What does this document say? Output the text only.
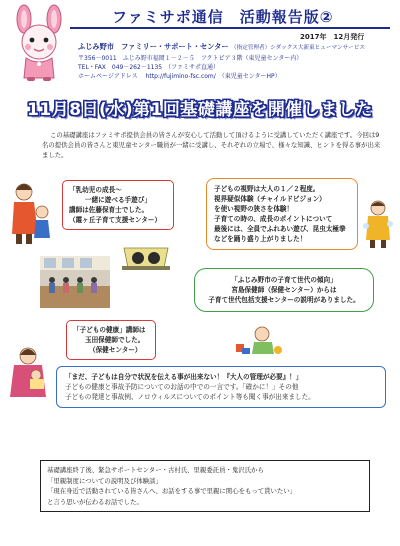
ファミサポ通信　活動報告版②
2017年　12月発行
ふじみ野市　ファミリー・サポート・センター （指定管理者）シダックス大新東ヒューマンサービス
〒356－0011　ふじみ野市福岡１－２－５　フクトピア３階（東児童センター内）
TEL・FAX　049－262－1135　（ファミサポ直通）
ホームページアドレス　 http://fujimino-fsc.com/　（東児童センターHP）
11月8日(水)第1回基礎講座を開催しました

この基礎講座はファミサポ提供会員の皆さんが安心して活動して頂けるように受講していただく講座です。今回は9名の提供会員の皆さんと東児童センター職員が一緒に受講し、それぞれの立場で、様々な知識、ヒントを得る事が出来ました。

「乳幼児の成長～
一緒に遊べる手遊び」
講師は佐藤保育士でした。
（霞ヶ丘子育て支援センター）
子どもの視野は大人の１／２程度。
視界疑似体験（チャイルドビジョン）
を使い視野の狭さを体験！
子育ての時の、成長のポイントについて
最後には、全員でふれあい遊び、昆虫太極拳
などを踊り盛り上がりました！
「ふじみ野市の子育て世代の傾向」
宮島保健師（保健センター）からは
子育て世代包括支援センターの説明がありました。
「子どもの健康」講師は
玉田保健師でした。
（保健センター）
「まだ、子どもは自分で状況を伝える事が出来ない！『大人の管理が必要』！」
子どもの健康と事故予防についてのお話の中での一言です。「確かに！」その他
子どもの発達と事故例、ノロウィルスについてのポイント等も聞く事が出来ました。
基礎講座終了後、緊急サポートセンター・古村氏、里親委託員・鬼沢氏から
「里親制度についての説明及び体験談」
「現在身近で活動されている皆さんへ、お話をする事で里親に関心をもって貰いたい」
と言う思いが伝わるお話でした。
